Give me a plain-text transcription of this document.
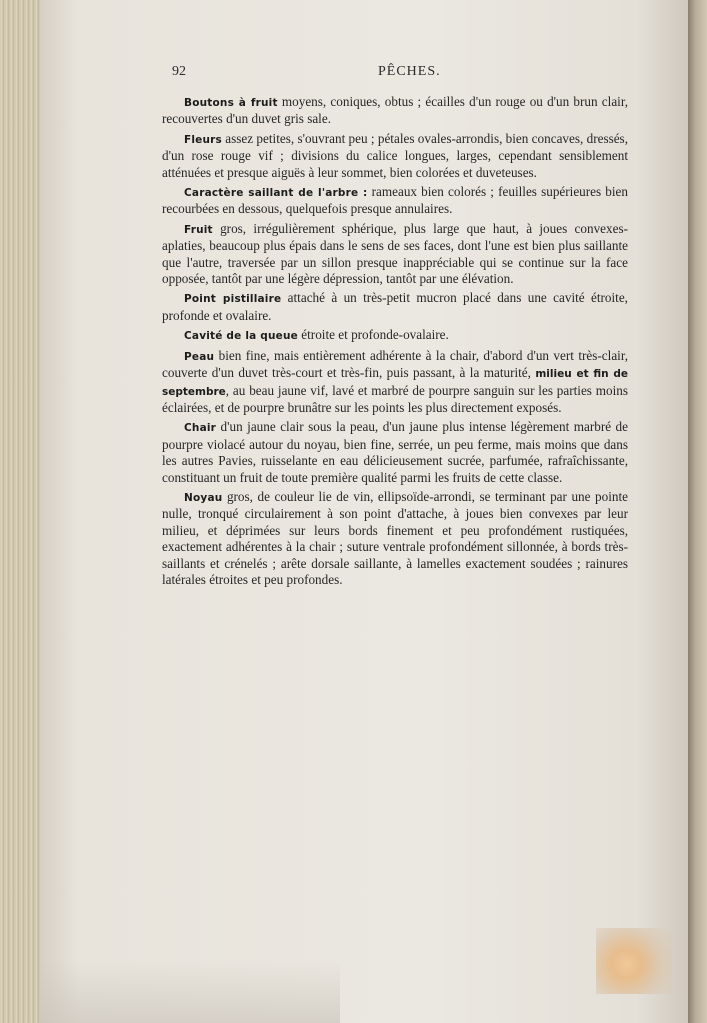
92	PÊCHES.

Boutons à fruit moyens, coniques, obtus ; écailles d'un rouge ou d'un brun clair, recouvertes d'un duvet gris sale.

Fleurs assez petites, s'ouvrant peu ; pétales ovales-arrondis, bien concaves, dressés, d'un rose rouge vif ; divisions du calice longues, larges, cependant sensiblement atténuées et presque aiguës à leur sommet, bien colorées et duveteuses.

Caractère saillant de l'arbre : rameaux bien colorés ; feuilles supérieures bien recourbées en dessous, quelquefois presque annulaires.

Fruit gros, irrégulièrement sphérique, plus large que haut, à joues convexes-aplaties, beaucoup plus épais dans le sens de ses faces, dont l'une est bien plus saillante que l'autre, traversée par un sillon presque inappréciable qui se continue sur la face opposée, tantôt par une légère dépression, tantôt par une élévation.

Point pistillaire attaché à un très-petit mucron placé dans une cavité étroite, profonde et ovalaire.

Cavité de la queue étroite et profonde-ovalaire.

Peau bien fine, mais entièrement adhérente à la chair, d'abord d'un vert très-clair, couverte d'un duvet très-court et très-fin, puis passant, à la maturité, milieu et fin de septembre, au beau jaune vif, lavé et marbré de pourpre sanguin sur les parties moins éclairées, et de pourpre brunâtre sur les points les plus directement exposés.

Chair d'un jaune clair sous la peau, d'un jaune plus intense légèrement marbré de pourpre violacé autour du noyau, bien fine, serrée, un peu ferme, mais moins que dans les autres Pavies, ruisselante en eau délicieusement sucrée, parfumée, rafraîchissante, constituant un fruit de toute première qualité parmi les fruits de cette classe.

Noyau gros, de couleur lie de vin, ellipsoïde-arrondi, se terminant par une pointe nulle, tronqué circulairement à son point d'attache, à joues bien convexes par leur milieu, et déprimées sur leurs bords finement et peu profondément rustiquées, exactement adhérentes à la chair ; suture ventrale profondément sillonnée, à bords très-saillants et crénelés ; arête dorsale saillante, à lamelles exactement soudées ; rainures latérales étroites et peu profondes.
